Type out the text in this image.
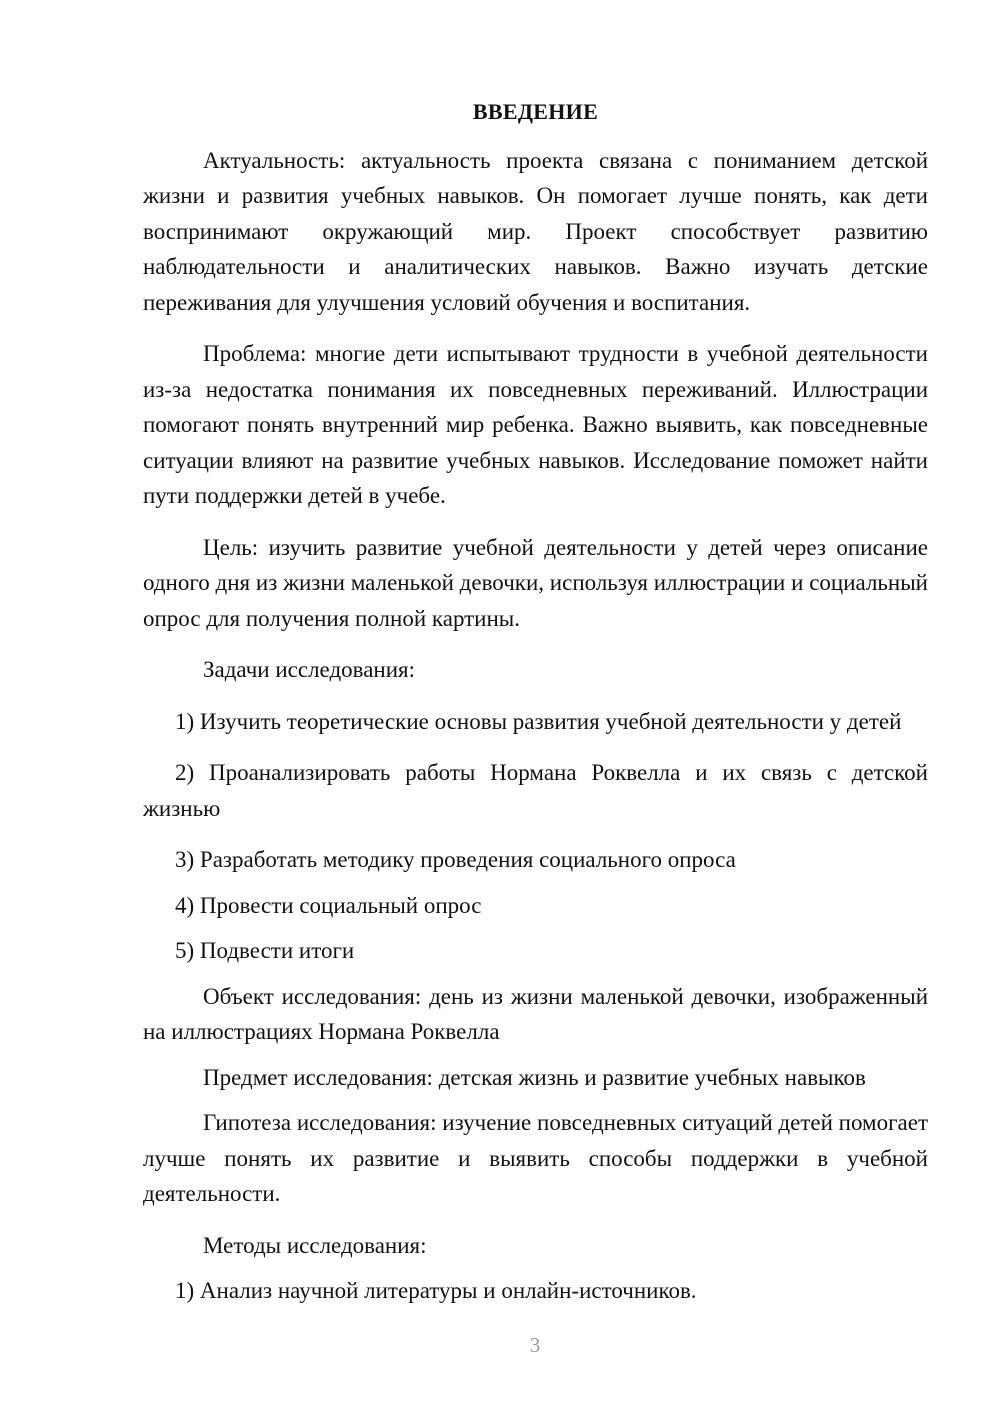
ВВЕДЕНИЕ

Актуальность: актуальность проекта связана с пониманием детской жизни и развития учебных навыков. Он помогает лучше понять, как дети воспринимают окружающий мир. Проект способствует развитию наблюдательности и аналитических навыков. Важно изучать детские переживания для улучшения условий обучения и воспитания.

Проблема: многие дети испытывают трудности в учебной деятельности из-за недостатка понимания их повседневных переживаний. Иллюстрации помогают понять внутренний мир ребенка. Важно выявить, как повседневные ситуации влияют на развитие учебных навыков. Исследование поможет найти пути поддержки детей в учебе.

Цель: изучить развитие учебной деятельности у детей через описание одного дня из жизни маленькой девочки, используя иллюстрации и социальный опрос для получения полной картины.

Задачи исследования:

1) Изучить теоретические основы развития учебной деятельности у детей

2) Проанализировать работы Нормана Роквелла и их связь с детской жизнью

3) Разработать методику проведения социального опроса

4) Провести социальный опрос

5) Подвести итоги

Объект исследования: день из жизни маленькой девочки, изображенный на иллюстрациях Нормана Роквелла

Предмет исследования: детская жизнь и развитие учебных навыков

Гипотеза исследования: изучение повседневных ситуаций детей помогает лучше понять их развитие и выявить способы поддержки в учебной деятельности.

Методы исследования:

1) Анализ научной литературы и онлайн-источников.

3
